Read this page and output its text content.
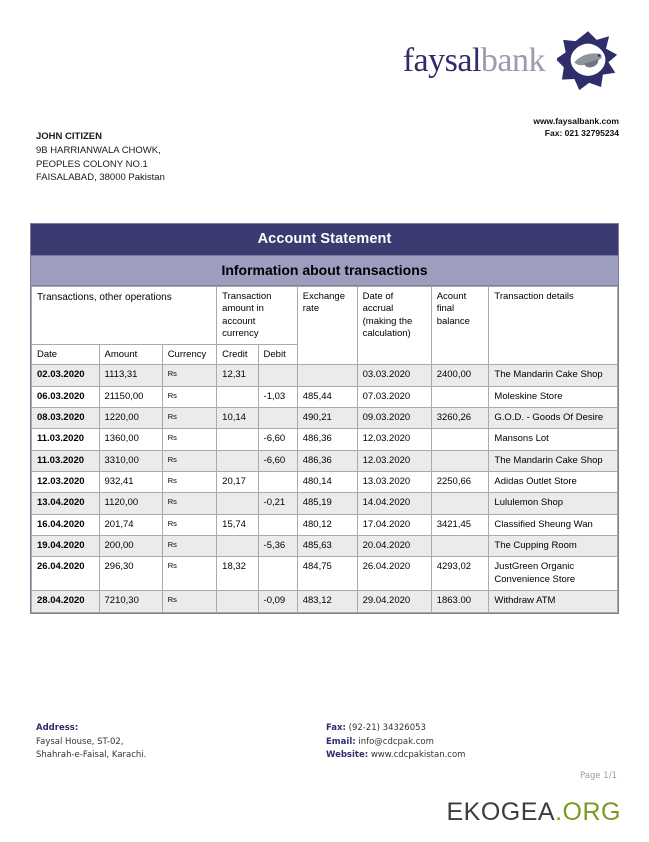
faysalbank
www.faysalbank.com
Fax: 021 32795234
JOHN CITIZEN
9B HARRIANWALA CHOWK,
PEOPLES COLONY NO.1
FAISALABAD, 38000 Pakistan
Account Statement
Information about transactions
Transactions, other operations			Transaction amount in account currency		Exchange rate	Date of accrual (making the calculation)	Acount final balance	Transaction details
Date	Amount	Currency	Credit	Debit				
02.03.2020	1113,31	Rs	12,31			03.03.2020	2400,00	The Mandarin Cake Shop
06.03.2020	21150,00	Rs		-1,03	485,44	07.03.2020		Moleskine Store
08.03.2020	1220,00	Rs	10,14		490,21	09.03.2020	3260,26	G.O.D. - Goods Of Desire
11.03.2020	1360,00	Rs		-6,60	486,36	12.03.2020		Mansons Lot
11.03.2020	3310,00	Rs		-6,60	486,36	12.03.2020		The Mandarin Cake Shop
12.03.2020	932,41	Rs	20,17		480,14	13.03.2020	2250,66	Adidas Outlet Store
13.04.2020	1120,00	Rs		-0,21	485,19	14.04.2020		Lululemon Shop
16.04.2020	201,74	Rs	15,74		480,12	17.04.2020	3421,45	Classified Sheung Wan
19.04.2020	200,00	Rs		-5,36	485,63	20.04.2020		The Cupping Room
26.04.2020	296,30	Rs	18,32		484,75	26.04.2020	4293,02	JustGreen Organic Convenience Store
28.04.2020	7210,30	Rs		-0,09	483,12	29.04.2020	1863.00	Withdraw ATM
Address:
Faysal House, ST-02,
Shahrah-e-Faisal, Karachi.
Fax: (92-21) 34326053
Email: info@cdcpak.com
Website: www.cdcpakistan.com
Page 1/1
EKOGEA.ORG
